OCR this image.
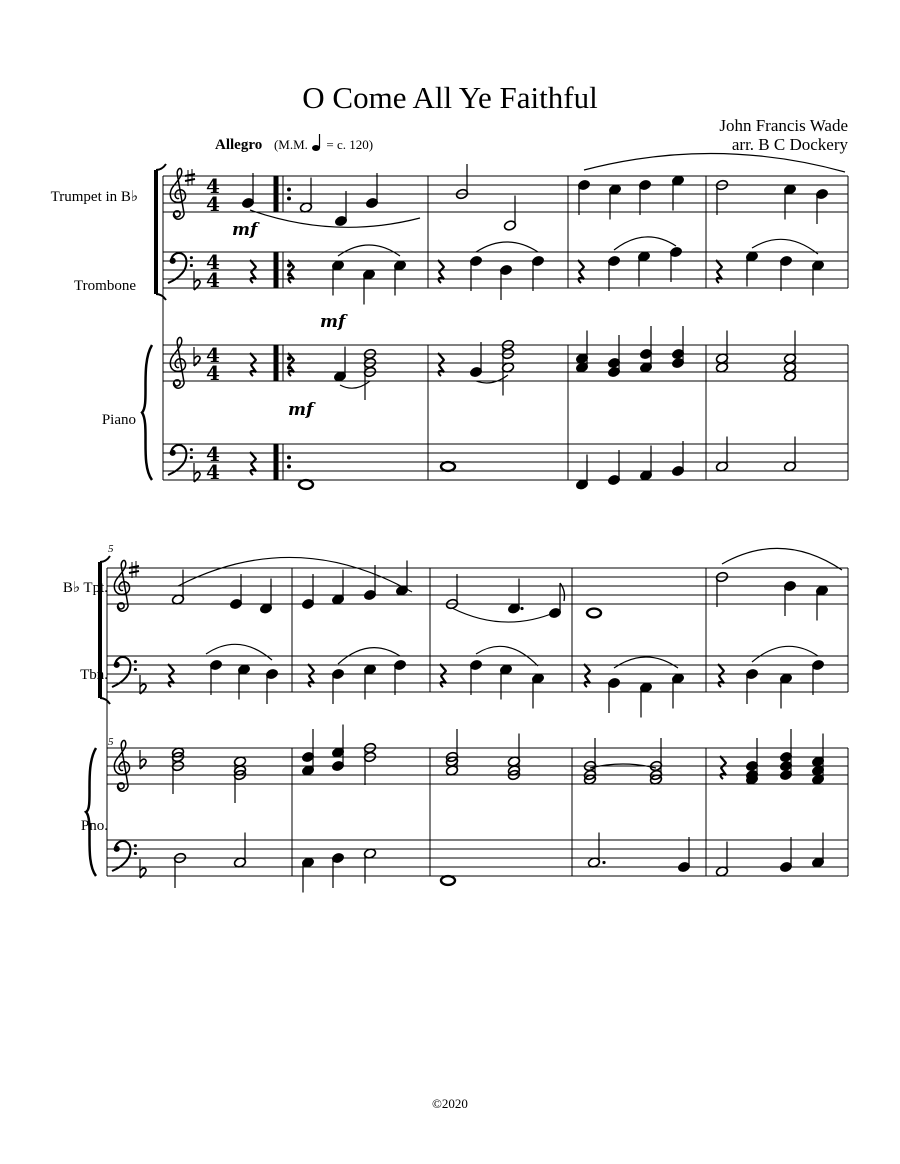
O Come All Ye Faithful
John Francis Wade
arr. B C Dockery
Allegro (M.M. = c. 120)
Trumpet in B♭
Trombone
Piano
B♭ Tpt.
Tbn.
Pno.
mf
mf
mf
5
5
©2020
4
4
4
4
4
4
4
4
